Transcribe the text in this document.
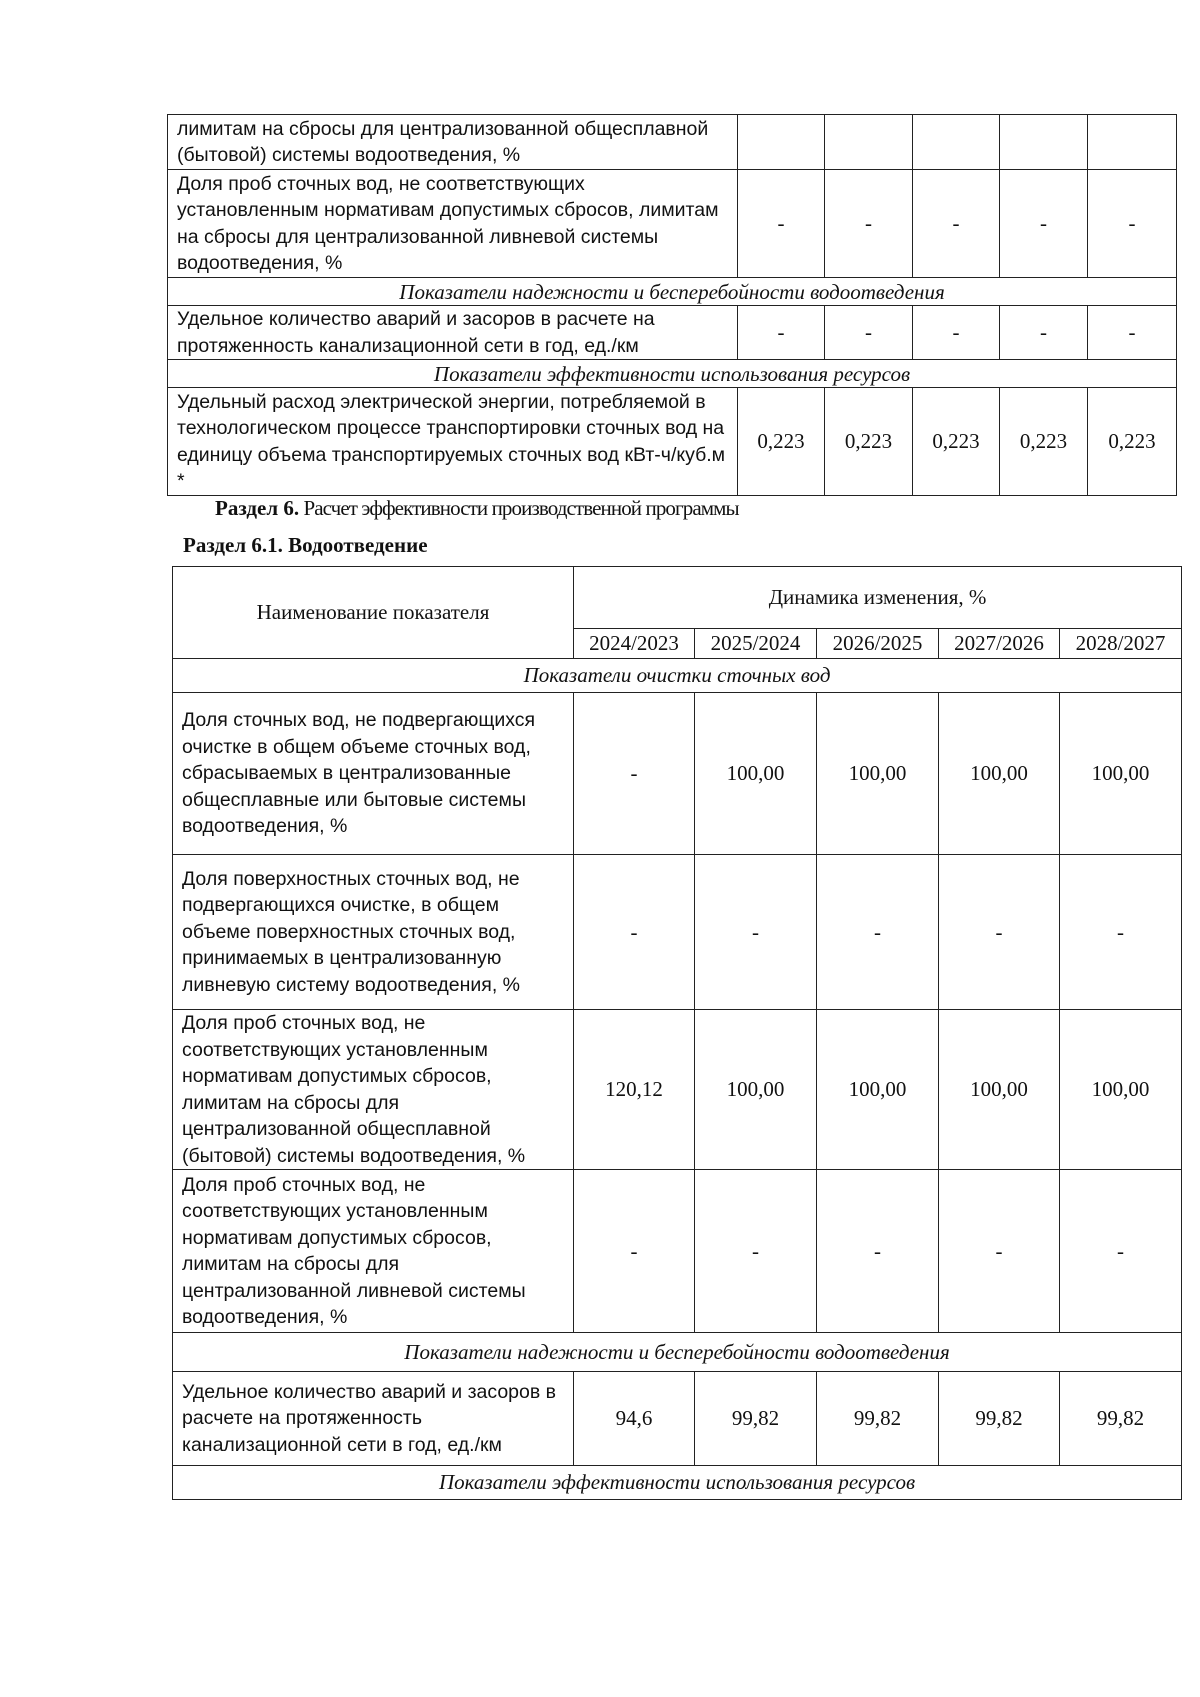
лимитам на сбросы для централизованной общесплавной (бытовой) системы водоотведения, %					
Доля проб сточных вод, не соответствующих установленным нормативам допустимых сбросов, лимитам на сбросы для централизованной ливневой системы водоотведения, %	-	-	-	-	-
Показатели надежности и бесперебойности водоотведения					
Удельное количество аварий и засоров в расчете на протяженность канализационной сети в год, ед./км	-	-	-	-	-
Показатели эффективности использования ресурсов					
Удельный расход электрической энергии, потребляемой в технологическом процессе транспортировки сточных вод на единицу объема транспортируемых сточных вод кВт-ч/куб.м *	0,223	0,223	0,223	0,223	0,223
Раздел 6. Расчет эффективности производственной программы
Раздел 6.1. Водоотведение
Наименование показателя	Динамика изменения, %				
	2024/2023	2025/2024	2026/2025	2027/2026	2028/2027
Показатели очистки сточных вод					
Доля сточных вод, не подвергающихся очистке в общем объеме сточных вод, сбрасываемых в централизованные общесплавные или бытовые системы водоотведения, %	-	100,00	100,00	100,00	100,00
Доля поверхностных сточных вод, не подвергающихся очистке, в общем объеме поверхностных сточных вод, принимаемых в централизованную ливневую систему водоотведения, %	-	-	-	-	-
Доля проб сточных вод, не соответствующих установленным нормативам допустимых сбросов, лимитам на сбросы для централизованной общесплавной (бытовой) системы водоотведения, %	120,12	100,00	100,00	100,00	100,00
Доля проб сточных вод, не соответствующих установленным нормативам допустимых сбросов, лимитам на сбросы для централизованной ливневой системы водоотведения, %	-	-	-	-	-
Показатели надежности и бесперебойности водоотведения					
Удельное количество аварий и засоров в расчете на протяженность канализационной сети в год, ед./км	94,6	99,82	99,82	99,82	99,82
Показатели эффективности использования ресурсов					
